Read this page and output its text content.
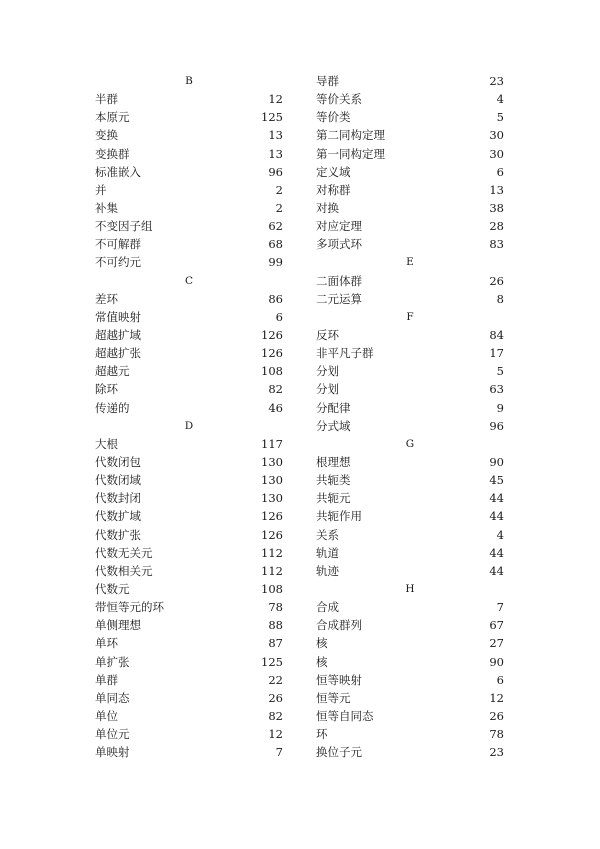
B
半群	12
本原元	125
变换	13
变换群	13
标准嵌入	96
并	2
补集	2
不变因子组	62
不可解群	68
不可约元	99
C
差环	86
常值映射	6
超越扩域	126
超越扩张	126
超越元	108
除环	82
传递的	46
D
大根	117
代数闭包	130
代数闭域	130
代数封闭	130
代数扩域	126
代数扩张	126
代数无关元	112
代数相关元	112
代数元	108
带恒等元的环	78
单侧理想	88
单环	87
单扩张	125
单群	22
单同态	26
单位	82
单位元	12
单映射	7
导群	23
等价关系	4
等价类	5
第二同构定理	30
第一同构定理	30
定义域	6
对称群	13
对换	38
对应定理	28
多项式环	83
E
二面体群	26
二元运算	8
F
反环	84
非平凡子群	17
分划	5
分划	63
分配律	9
分式域	96
G
根理想	90
共轭类	45
共轭元	44
共轭作用	44
关系	4
轨道	44
轨迹	44
H
合成	7
合成群列	67
核	27
核	90
恒等映射	6
恒等元	12
恒等自同态	26
环	78
换位子元	23
